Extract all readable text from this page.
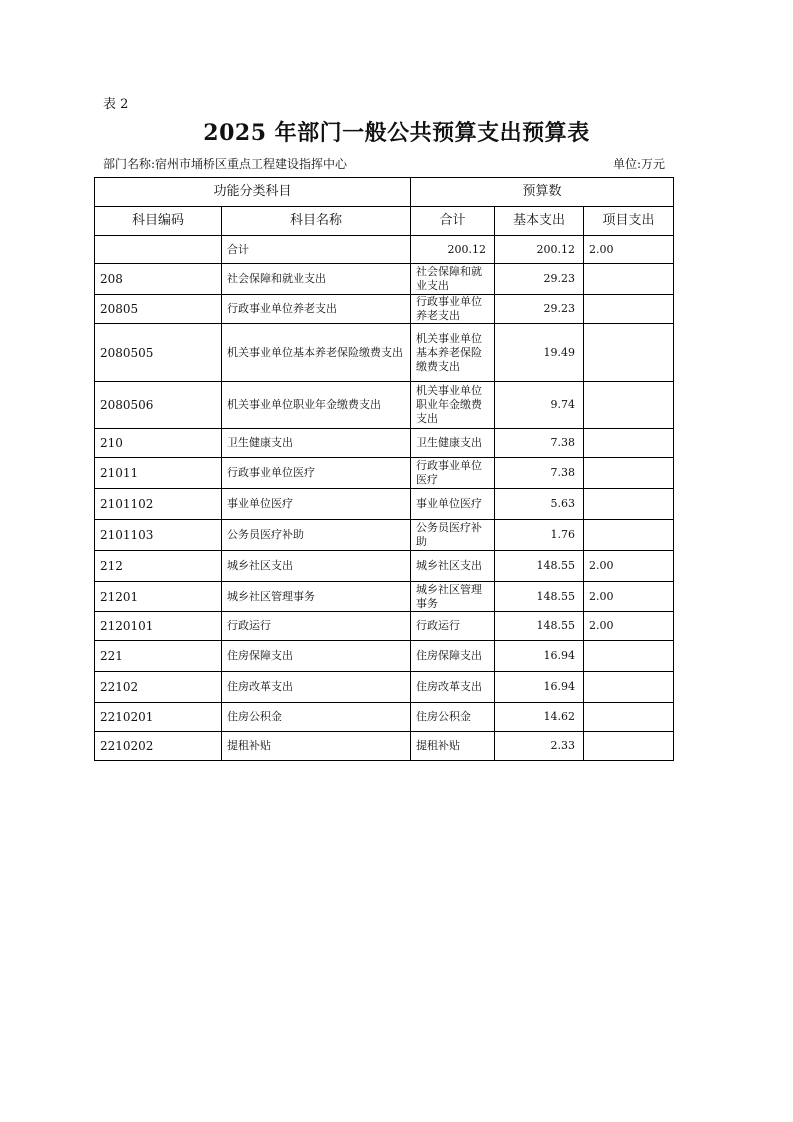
表 2
2025 年部门一般公共预算支出预算表
部门名称:宿州市埇桥区重点工程建设指挥中心	单位:万元
功能分类科目		预算数		
科目编码	科目名称	合计	基本支出	项目支出
	合计	200.12	200.12	2.00
208	社会保障和就业支出	社会保障和就业支出	29.23	
20805	行政事业单位养老支出	行政事业单位养老支出	29.23	
2080505	机关事业单位基本养老保险缴费支出	机关事业单位基本养老保险缴费支出	19.49	
2080506	机关事业单位职业年金缴费支出	机关事业单位职业年金缴费支出	9.74	
210	卫生健康支出	卫生健康支出	7.38	
21011	行政事业单位医疗	行政事业单位医疗	7.38	
2101102	事业单位医疗	事业单位医疗	5.63	
2101103	公务员医疗补助	公务员医疗补助	1.76	
212	城乡社区支出	城乡社区支出	148.55	2.00
21201	城乡社区管理事务	城乡社区管理事务	148.55	2.00
2120101	行政运行	行政运行	148.55	2.00
221	住房保障支出	住房保障支出	16.94	
22102	住房改革支出	住房改革支出	16.94	
2210201	住房公积金	住房公积金	14.62	
2210202	提租补贴	提租补贴	2.33	
